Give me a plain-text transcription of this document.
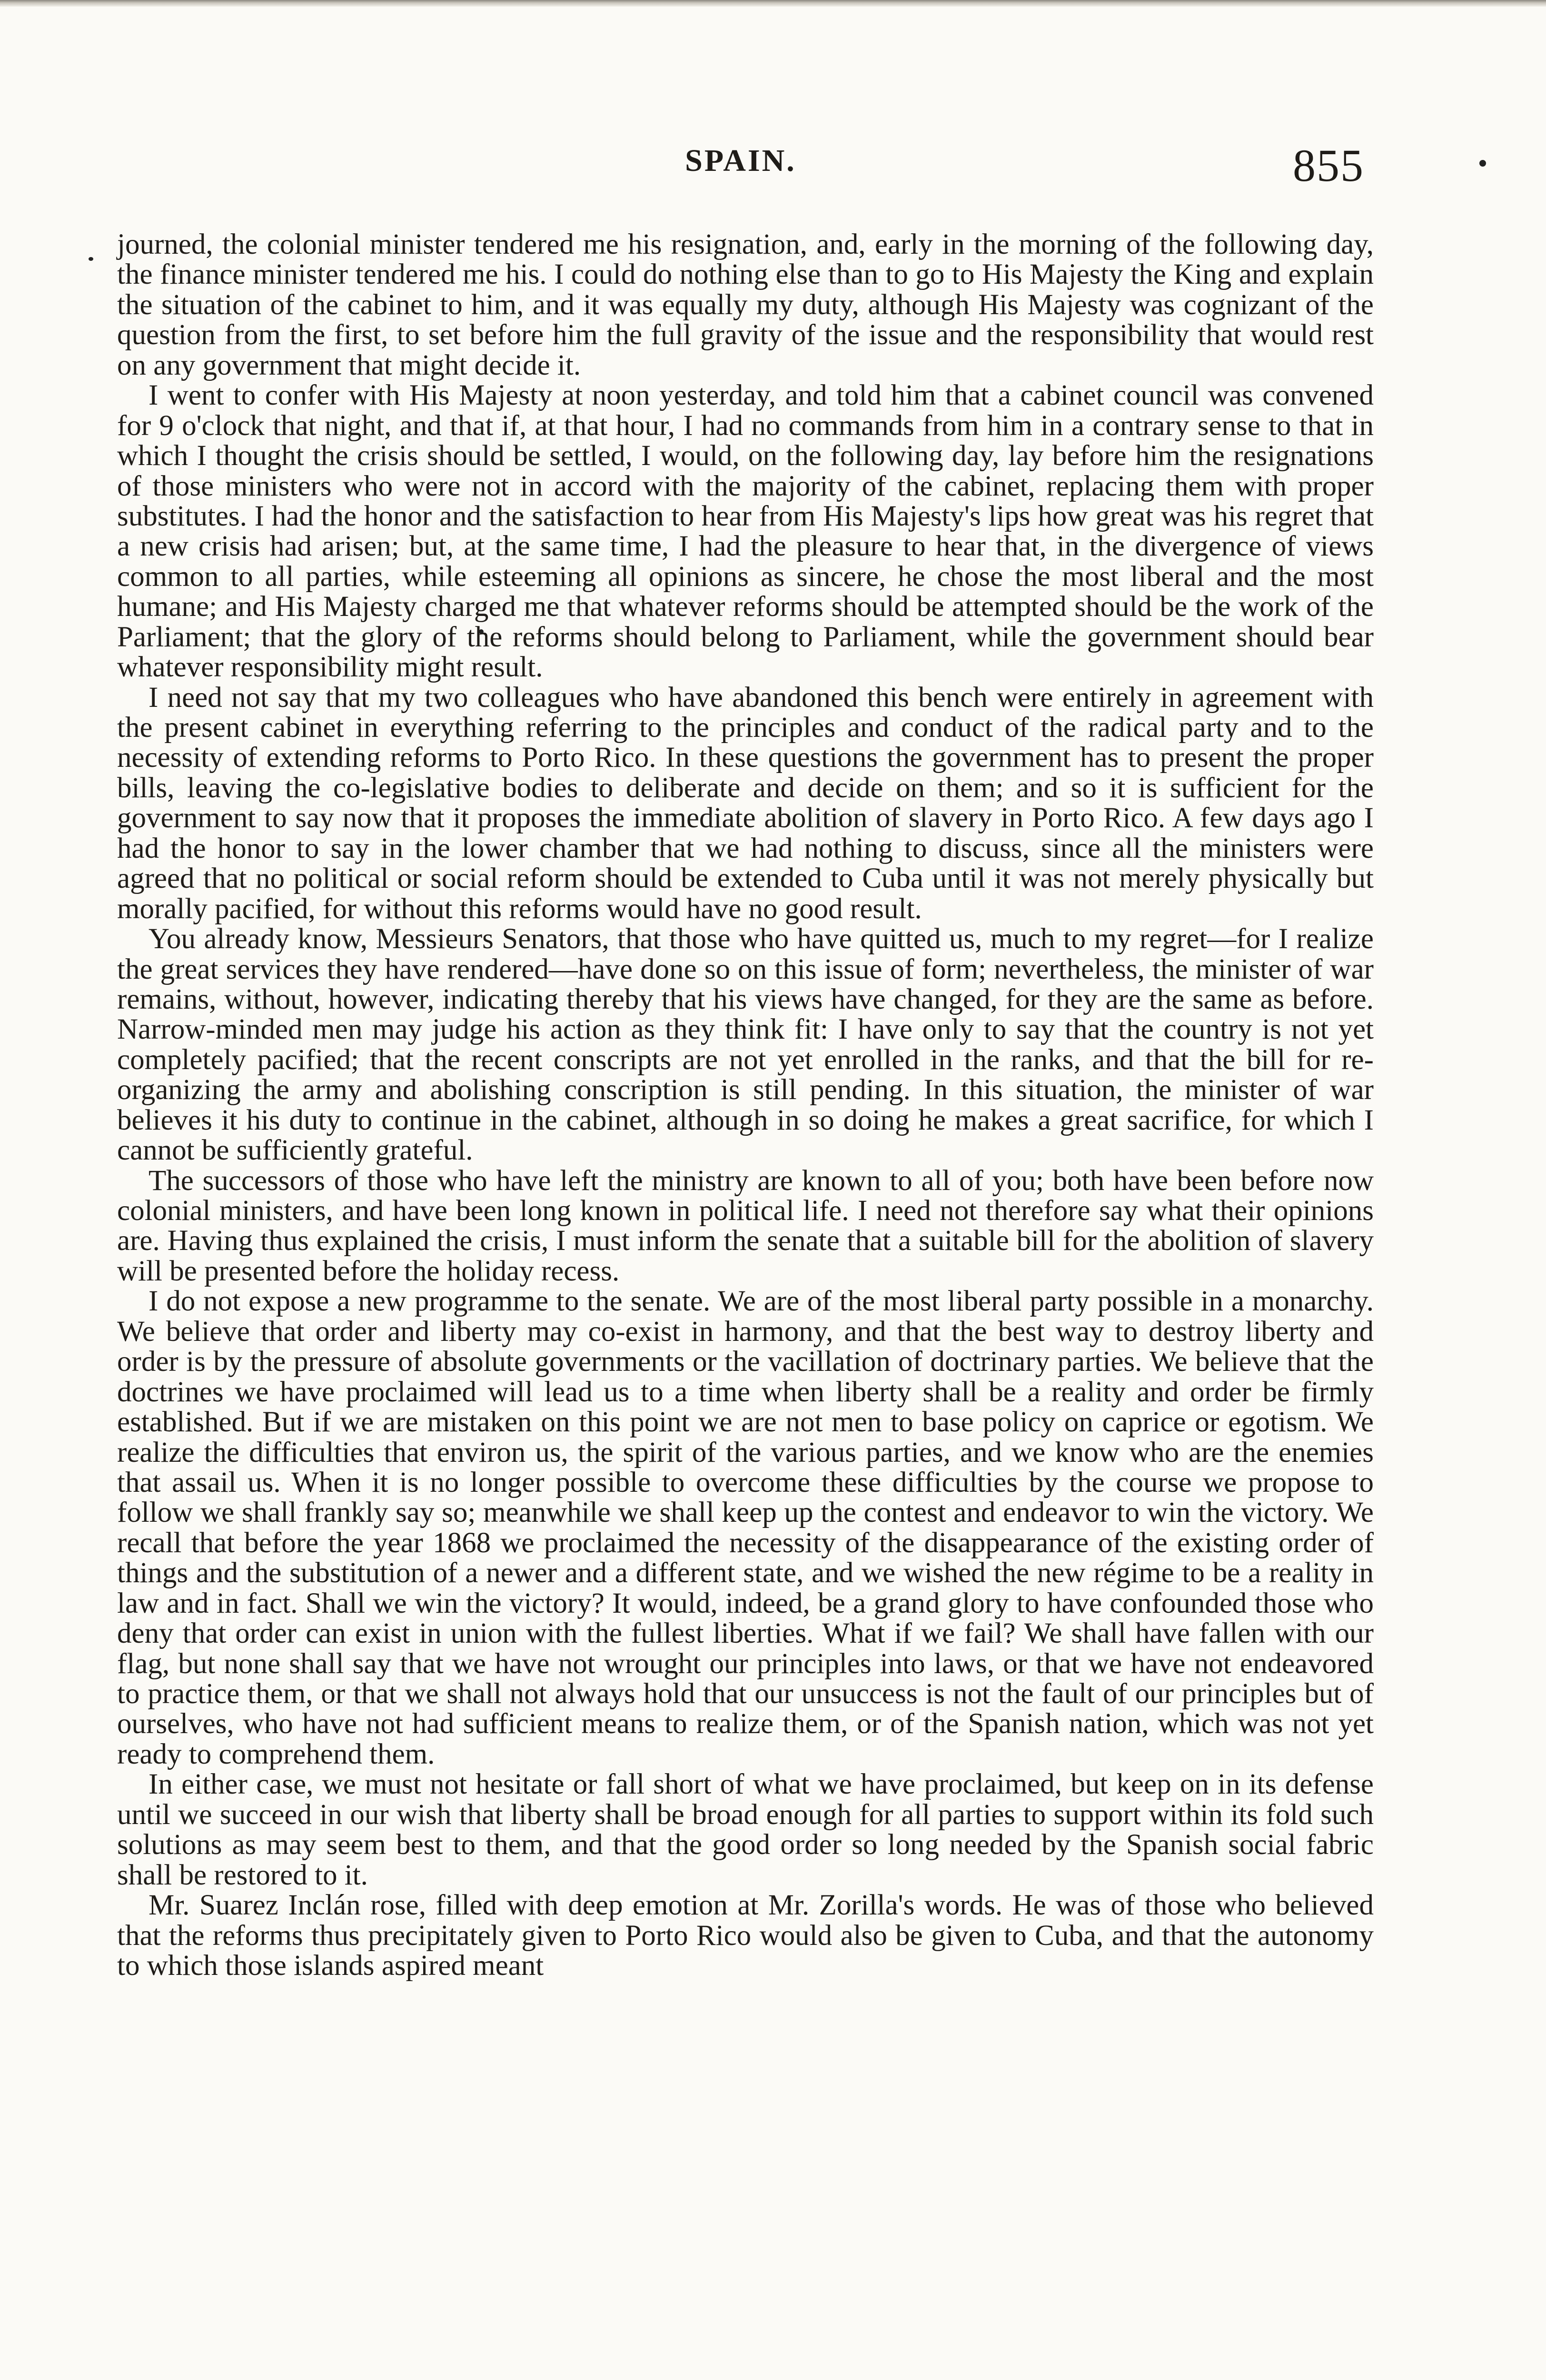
SPAIN.	855

journed, the colonial minister tendered me his resignation, and, early in the morning of the following day, the finance minister tendered me his. I could do nothing else than to go to His Majesty the King and explain the situation of the cabinet to him, and it was equally my duty, although His Majesty was cognizant of the question from the first, to set before him the full gravity of the issue and the responsibility that would rest on any government that might decide it.

I went to confer with His Majesty at noon yesterday, and told him that a cabinet council was convened for 9 o'clock that night, and that if, at that hour, I had no commands from him in a contrary sense to that in which I thought the crisis should be settled, I would, on the following day, lay before him the resignations of those ministers who were not in accord with the majority of the cabinet, replacing them with proper substitutes. I had the honor and the satisfaction to hear from His Majesty's lips how great was his regret that a new crisis had arisen; but, at the same time, I had the pleasure to hear that, in the divergence of views common to all parties, while esteeming all opinions as sincere, he chose the most liberal and the most humane; and His Majesty charged me that whatever reforms should be attempted should be the work of the Parliament; that the glory of the reforms should belong to Parliament, while the government should bear whatever responsibility might result.

I need not say that my two colleagues who have abandoned this bench were entirely in agreement with the present cabinet in everything referring to the principles and conduct of the radical party and to the necessity of extending reforms to Porto Rico. In these questions the government has to present the proper bills, leaving the co-legislative bodies to deliberate and decide on them; and so it is sufficient for the government to say now that it proposes the immediate abolition of slavery in Porto Rico. A few days ago I had the honor to say in the lower chamber that we had nothing to discuss, since all the ministers were agreed that no political or social reform should be extended to Cuba until it was not merely physically but morally pacified, for without this reforms would have no good result.

You already know, Messieurs Senators, that those who have quitted us, much to my regret—for I realize the great services they have rendered—have done so on this issue of form; nevertheless, the minister of war remains, without, however, indicating thereby that his views have changed, for they are the same as before. Narrow-minded men may judge his action as they think fit: I have only to say that the country is not yet completely pacified; that the recent conscripts are not yet enrolled in the ranks, and that the bill for re-organizing the army and abolishing conscription is still pending. In this situation, the minister of war believes it his duty to continue in the cabinet, although in so doing he makes a great sacrifice, for which I cannot be sufficiently grateful.

The successors of those who have left the ministry are known to all of you; both have been before now colonial ministers, and have been long known in political life. I need not therefore say what their opinions are. Having thus explained the crisis, I must inform the senate that a suitable bill for the abolition of slavery will be presented before the holiday recess.

I do not expose a new programme to the senate. We are of the most liberal party possible in a monarchy. We believe that order and liberty may co-exist in harmony, and that the best way to destroy liberty and order is by the pressure of absolute governments or the vacillation of doctrinary parties. We believe that the doctrines we have proclaimed will lead us to a time when liberty shall be a reality and order be firmly established. But if we are mistaken on this point we are not men to base policy on caprice or egotism. We realize the difficulties that environ us, the spirit of the various parties, and we know who are the enemies that assail us. When it is no longer possible to overcome these difficulties by the course we propose to follow we shall frankly say so; meanwhile we shall keep up the contest and endeavor to win the victory. We recall that before the year 1868 we proclaimed the necessity of the disappearance of the existing order of things and the substitution of a newer and a different state, and we wished the new régime to be a reality in law and in fact. Shall we win the victory? It would, indeed, be a grand glory to have confounded those who deny that order can exist in union with the fullest liberties. What if we fail? We shall have fallen with our flag, but none shall say that we have not wrought our principles into laws, or that we have not endeavored to practice them, or that we shall not always hold that our unsuccess is not the fault of our principles but of ourselves, who have not had sufficient means to realize them, or of the Spanish nation, which was not yet ready to comprehend them.

In either case, we must not hesitate or fall short of what we have proclaimed, but keep on in its defense until we succeed in our wish that liberty shall be broad enough for all parties to support within its fold such solutions as may seem best to them, and that the good order so long needed by the Spanish social fabric shall be restored to it.

Mr. Suarez Inclán rose, filled with deep emotion at Mr. Zorilla's words. He was of those who believed that the reforms thus precipitately given to Porto Rico would also be given to Cuba, and that the autonomy to which those islands aspired meant
